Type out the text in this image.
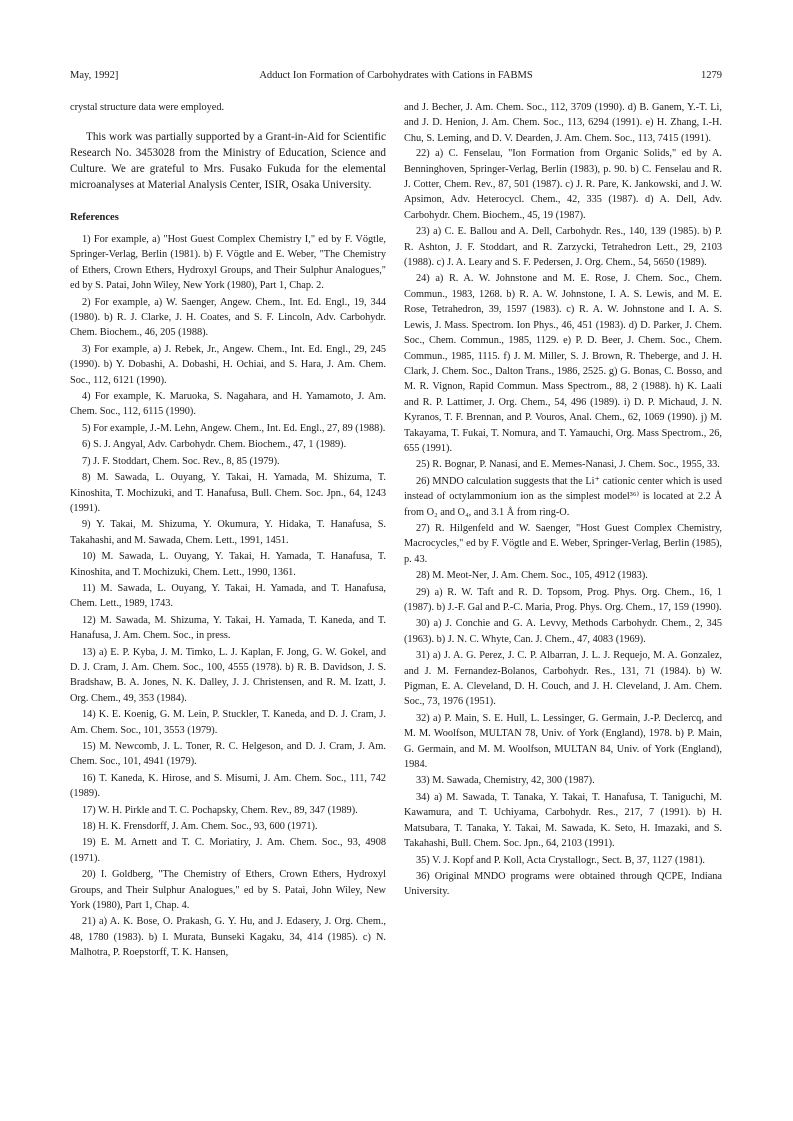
May, 1992]	Adduct Ion Formation of Carbohydrates with Cations in FABMS	1279

crystal structure data were employed.

This work was partially supported by a Grant-in-Aid for Scientific Research No. 3453028 from the Ministry of Education, Science and Culture. We are grateful to Mrs. Fusako Fukuda for the elemental microanalyses at Material Analysis Center, ISIR, Osaka University.

References

1) For example, a) "Host Guest Complex Chemistry I," ed by F. Vögtle, Springer-Verlag, Berlin (1981). b) F. Vögtle and E. Weber, "The Chemistry of Ethers, Crown Ethers, Hydroxyl Groups, and Their Sulphur Analogues," ed by S. Patai, John Wiley, New York (1980), Part 1, Chap. 2.

2) For example, a) W. Saenger, Angew. Chem., Int. Ed. Engl., 19, 344 (1980). b) R. J. Clarke, J. H. Coates, and S. F. Lincoln, Adv. Carbohydr. Chem. Biochem., 46, 205 (1988).

3) For example, a) J. Rebek, Jr., Angew. Chem., Int. Ed. Engl., 29, 245 (1990). b) Y. Dobashi, A. Dobashi, H. Ochiai, and S. Hara, J. Am. Chem. Soc., 112, 6121 (1990).

4) For example, K. Maruoka, S. Nagahara, and H. Yamamoto, J. Am. Chem. Soc., 112, 6115 (1990).

5) For example, J.-M. Lehn, Angew. Chem., Int. Ed. Engl., 27, 89 (1988).

6) S. J. Angyal, Adv. Carbohydr. Chem. Biochem., 47, 1 (1989).

7) J. F. Stoddart, Chem. Soc. Rev., 8, 85 (1979).

8) M. Sawada, L. Ouyang, Y. Takai, H. Yamada, M. Shizuma, T. Kinoshita, T. Mochizuki, and T. Hanafusa, Bull. Chem. Soc. Jpn., 64, 1243 (1991).

9) Y. Takai, M. Shizuma, Y. Okumura, Y. Hidaka, T. Hanafusa, S. Takahashi, and M. Sawada, Chem. Lett., 1991, 1451.

10) M. Sawada, L. Ouyang, Y. Takai, H. Yamada, T. Hanafusa, T. Kinoshita, and T. Mochizuki, Chem. Lett., 1990, 1361.

11) M. Sawada, L. Ouyang, Y. Takai, H. Yamada, and T. Hanafusa, Chem. Lett., 1989, 1743.

12) M. Sawada, M. Shizuma, Y. Takai, H. Yamada, T. Kaneda, and T. Hanafusa, J. Am. Chem. Soc., in press.

13) a) E. P. Kyba, J. M. Timko, L. J. Kaplan, F. Jong, G. W. Gokel, and D. J. Cram, J. Am. Chem. Soc., 100, 4555 (1978). b) R. B. Davidson, J. S. Bradshaw, B. A. Jones, N. K. Dalley, J. J. Christensen, and R. M. Izatt, J. Org. Chem., 49, 353 (1984).

14) K. E. Koenig, G. M. Lein, P. Stuckler, T. Kaneda, and D. J. Cram, J. Am. Chem. Soc., 101, 3553 (1979).

15) M. Newcomb, J. L. Toner, R. C. Helgeson, and D. J. Cram, J. Am. Chem. Soc., 101, 4941 (1979).

16) T. Kaneda, K. Hirose, and S. Misumi, J. Am. Chem. Soc., 111, 742 (1989).

17) W. H. Pirkle and T. C. Pochapsky, Chem. Rev., 89, 347 (1989).

18) H. K. Frensdorff, J. Am. Chem. Soc., 93, 600 (1971).

19) E. M. Arnett and T. C. Moriatiry, J. Am. Chem. Soc., 93, 4908 (1971).

20) I. Goldberg, "The Chemistry of Ethers, Crown Ethers, Hydroxyl Groups, and Their Sulphur Analogues," ed by S. Patai, John Wiley, New York (1980), Part 1, Chap. 4.

21) a) A. K. Bose, O. Prakash, G. Y. Hu, and J. Edasery, J. Org. Chem., 48, 1780 (1983). b) I. Murata, Bunseki Kagaku, 34, 414 (1985). c) N. Malhotra, P. Roepstorff, T. K. Hansen,

and J. Becher, J. Am. Chem. Soc., 112, 3709 (1990). d) B. Ganem, Y.-T. Li, and J. D. Henion, J. Am. Chem. Soc., 113, 6294 (1991). e) H. Zhang, I.-H. Chu, S. Leming, and D. V. Dearden, J. Am. Chem. Soc., 113, 7415 (1991).

22) a) C. Fenselau, "Ion Formation from Organic Solids," ed by A. Benninghoven, Springer-Verlag, Berlin (1983), p. 90. b) C. Fenselau and R. J. Cotter, Chem. Rev., 87, 501 (1987). c) J. R. Pare, K. Jankowski, and J. W. Apsimon, Adv. Heterocycl. Chem., 42, 335 (1987). d) A. Dell, Adv. Carbohydr. Chem. Biochem., 45, 19 (1987).

23) a) C. E. Ballou and A. Dell, Carbohydr. Res., 140, 139 (1985). b) P. R. Ashton, J. F. Stoddart, and R. Zarzycki, Tetrahedron Lett., 29, 2103 (1988). c) J. A. Leary and S. F. Pedersen, J. Org. Chem., 54, 5650 (1989).

24) a) R. A. W. Johnstone and M. E. Rose, J. Chem. Soc., Chem. Commun., 1983, 1268. b) R. A. W. Johnstone, I. A. S. Lewis, and M. E. Rose, Tetrahedron, 39, 1597 (1983). c) R. A. W. Johnstone and I. A. S. Lewis, J. Mass. Spectrom. Ion Phys., 46, 451 (1983). d) D. Parker, J. Chem. Soc., Chem. Commun., 1985, 1129. e) P. D. Beer, J. Chem. Soc., Chem. Commun., 1985, 1115. f) J. M. Miller, S. J. Brown, R. Theberge, and J. H. Clark, J. Chem. Soc., Dalton Trans., 1986, 2525. g) G. Bonas, C. Bosso, and M. R. Vignon, Rapid Commun. Mass Spectrom., 88, 2 (1988). h) K. Laali and R. P. Lattimer, J. Org. Chem., 54, 496 (1989). i) D. P. Michaud, J. N. Kyranos, T. F. Brennan, and P. Vouros, Anal. Chem., 62, 1069 (1990). j) M. Takayama, T. Fukai, T. Nomura, and T. Yamauchi, Org. Mass Spectrom., 26, 655 (1991).

25) R. Bognar, P. Nanasi, and E. Memes-Nanasi, J. Chem. Soc., 1955, 33.

26) MNDO calculation suggests that the Li⁺ cationic center which is used instead of octylammonium ion as the simplest model³⁶⁾ is located at 2.2 Å from O₂ and O₄, and 3.1 Å from ring-O.

27) R. Hilgenfeld and W. Saenger, "Host Guest Complex Chemistry, Macrocycles," ed by F. Vögtle and E. Weber, Springer-Verlag, Berlin (1985), p. 43.

28) M. Meot-Ner, J. Am. Chem. Soc., 105, 4912 (1983).

29) a) R. W. Taft and R. D. Topsom, Prog. Phys. Org. Chem., 16, 1 (1987). b) J.-F. Gal and P.-C. Maria, Prog. Phys. Org. Chem., 17, 159 (1990).

30) a) J. Conchie and G. A. Levvy, Methods Carbohydr. Chem., 2, 345 (1963). b) J. N. C. Whyte, Can. J. Chem., 47, 4083 (1969).

31) a) J. A. G. Perez, J. C. P. Albarran, J. L. J. Requejo, M. A. Gonzalez, and J. M. Fernandez-Bolanos, Carbohydr. Res., 131, 71 (1984). b) W. Pigman, E. A. Cleveland, D. H. Couch, and J. H. Cleveland, J. Am. Chem. Soc., 73, 1976 (1951).

32) a) P. Main, S. E. Hull, L. Lessinger, G. Germain, J.-P. Declercq, and M. M. Woolfson, MULTAN 78, Univ. of York (England), 1978. b) P. Main, G. Germain, and M. M. Woolfson, MULTAN 84, Univ. of York (England), 1984.

33) M. Sawada, Chemistry, 42, 300 (1987).

34) a) M. Sawada, T. Tanaka, Y. Takai, T. Hanafusa, T. Taniguchi, M. Kawamura, and T. Uchiyama, Carbohydr. Res., 217, 7 (1991). b) H. Matsubara, T. Tanaka, Y. Takai, M. Sawada, K. Seto, H. Imazaki, and S. Takahashi, Bull. Chem. Soc. Jpn., 64, 2103 (1991).

35) V. J. Kopf and P. Koll, Acta Crystallogr., Sect. B, 37, 1127 (1981).

36) Original MNDO programs were obtained through QCPE, Indiana University.
